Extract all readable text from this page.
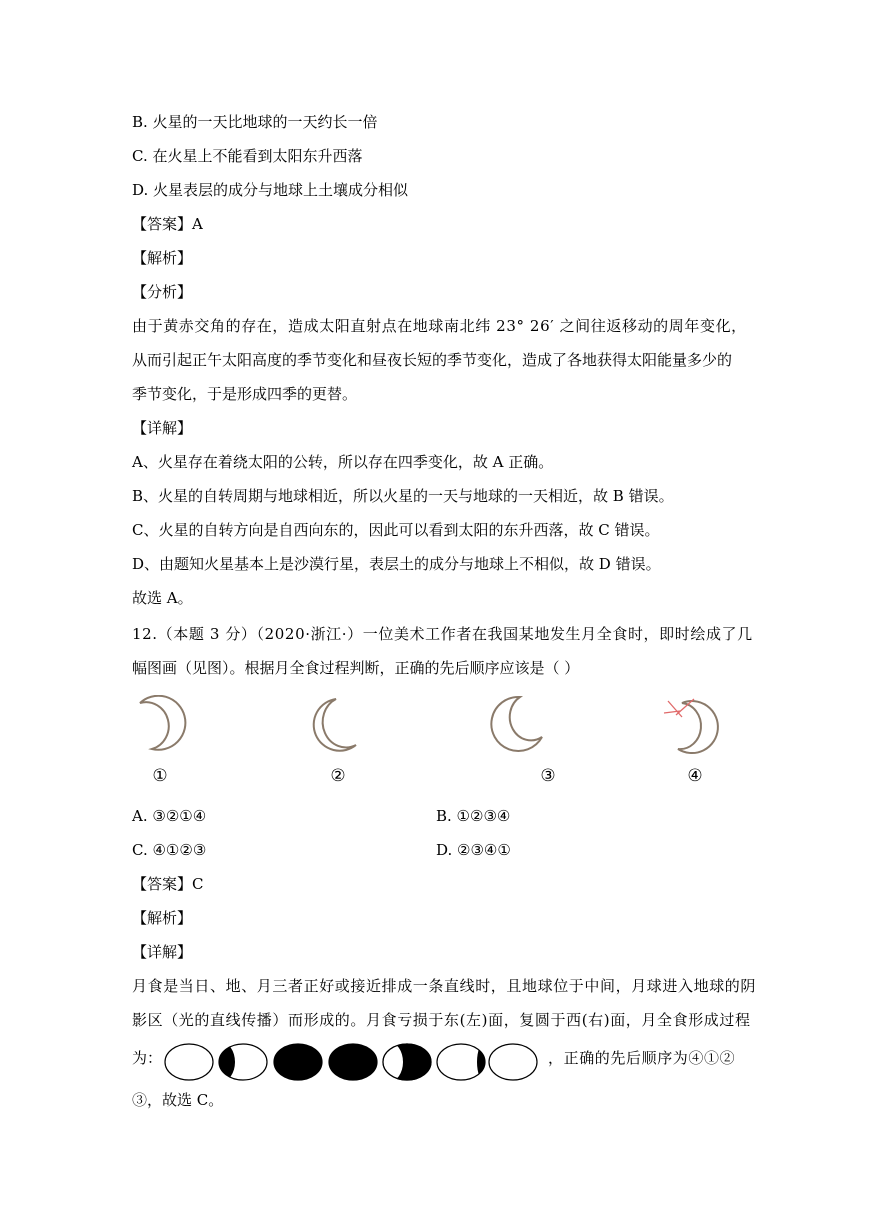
B. 火星的一天比地球的一天约长一倍
C. 在火星上不能看到太阳东升西落
D. 火星表层的成分与地球上土壤成分相似
【答案】A
【解析】
【分析】
由于黄赤交角的存在，造成太阳直射点在地球南北纬 23° 26′ 之间往返移动的周年变化，
从而引起正午太阳高度的季节变化和昼夜长短的季节变化，造成了各地获得太阳能量多少的
季节变化，于是形成四季的更替。
【详解】
A、火星存在着绕太阳的公转，所以存在四季变化，故 A 正确。
B、火星的自转周期与地球相近，所以火星的一天与地球的一天相近，故 B 错误。
C、火星的自转方向是自西向东的，因此可以看到太阳的东升西落，故 C 错误。
D、由题知火星基本上是沙漠行星，表层土的成分与地球上不相似，故 D 错误。
故选 A。
12.（本题 3 分）（2020·浙江·）一位美术工作者在我国某地发生月全食时，即时绘成了几
幅图画（见图）。根据月全食过程判断，正确的先后顺序应该是（ ）
①	②	③	④
A. ③②①④	B. ①②③④
C. ④①②③	D. ②③④①
【答案】C
【解析】
【详解】
月食是当日、地、月三者正好或接近排成一条直线时，且地球位于中间，月球进入地球的阴
影区（光的直线传播）而形成的。月食亏损于东(左)面，复圆于西(右)面，月全食形成过程
为：	，正确的先后顺序为④①②
③，故选 C。
